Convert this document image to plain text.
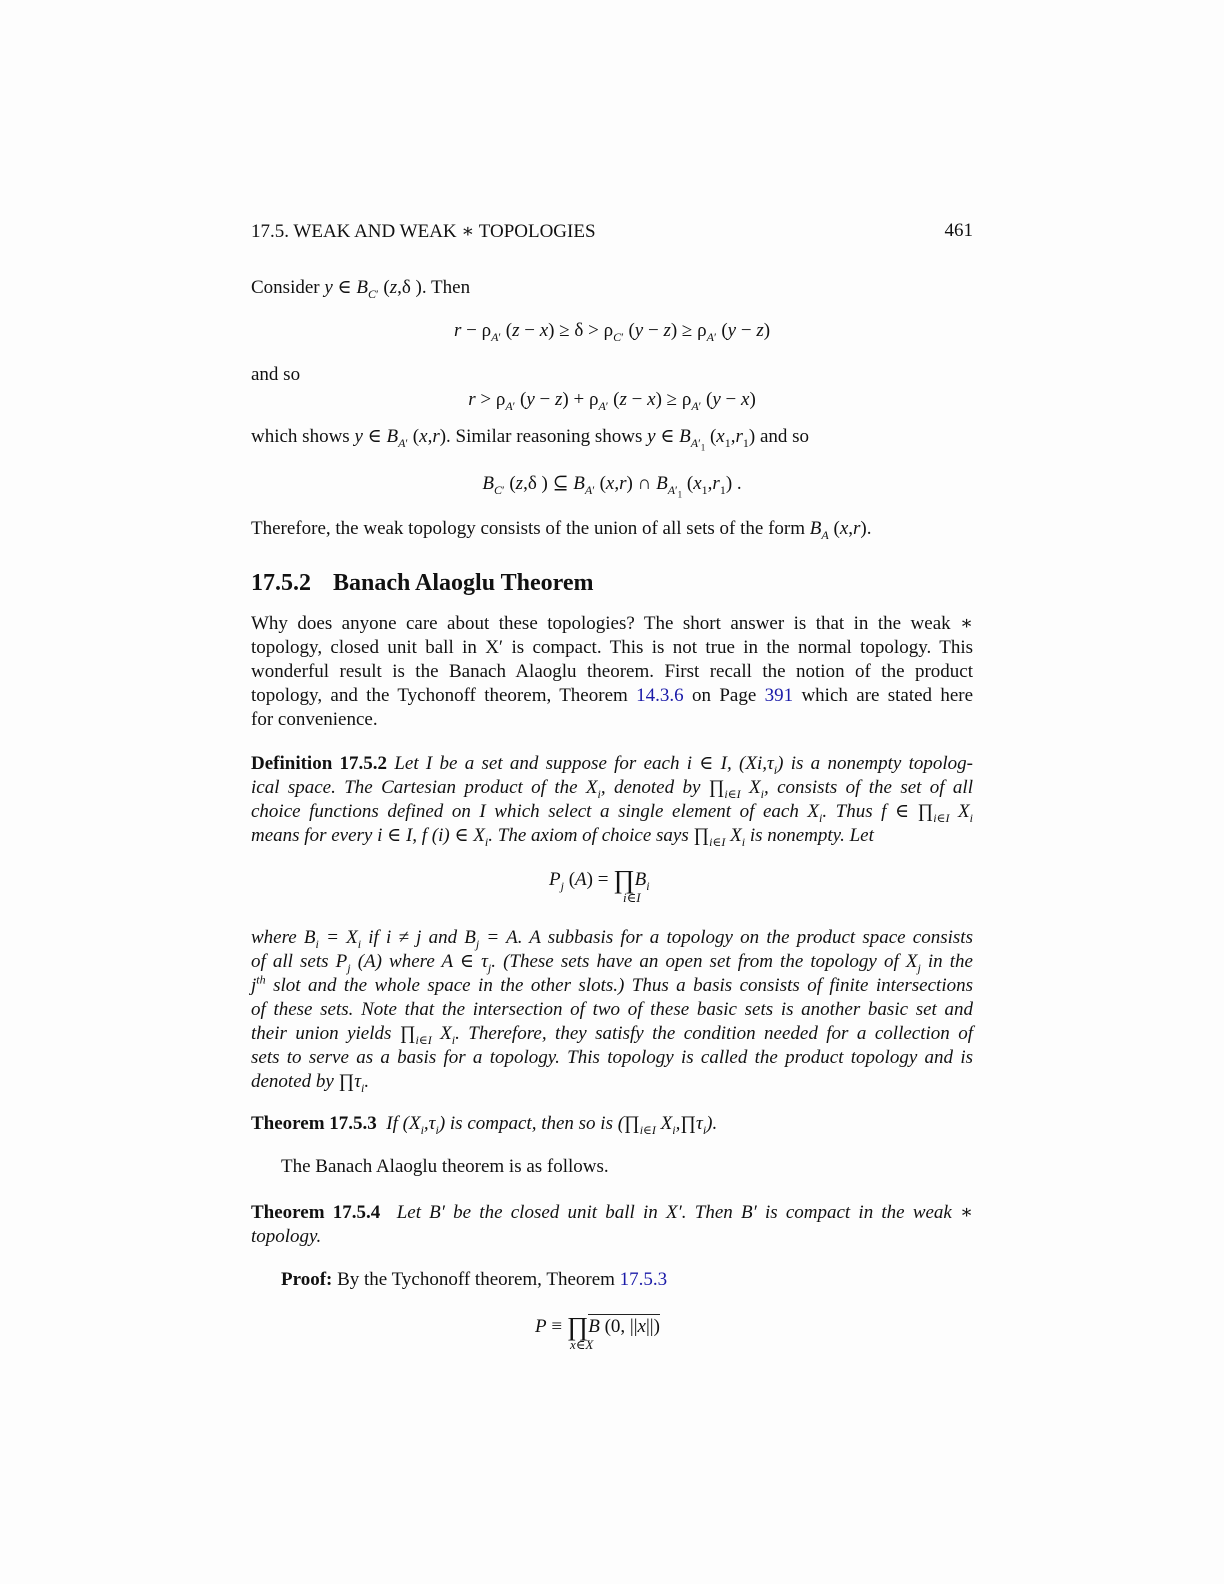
17.5. WEAK AND WEAK ∗ TOPOLOGIES	461
Consider y ∈ $B_{C'}$ (z,δ ). Then
$r - \rho_{A'}$ $(z - x) \ge \delta > \rho_{C'}$ $(y - z) \ge \rho_{A'}$ (y − z)
and so
$r > \rho_{A'}$ $(y - z) + \rho_{A'}$ $(z - x) \ge \rho_{A'}$ (y − x)
which shows y ∈ $B_{A'}$ (x,r). Similar reasoning shows y ∈ $B_{A'_1}$ $(x_1,r_1)$ and so
$B_{C'}$ (z,δ ) ⊆ $B_{A'}$ (x,r) ∩ $B_{A'_1}$ $(x_1,r_1)$ .
Therefore, the weak topology consists of the union of all sets of the form $B_A$ (x,r).
17.5.2 Banach Alaoglu Theorem
Why does anyone care about these topologies? The short answer is that in the weak ∗
topology, closed unit ball in X′ is compact. This is not true in the normal topology. This
wonderful result is the Banach Alaoglu theorem. First recall the notion of the product
topology, and the Tychonoff theorem, Theorem 14.3.6 on Page 391 which are stated here
for convenience.
Definition 17.5.2 Let I be a set and suppose for each i ∈ I, $(Xi,\tau_i)$ is a nonempty topolog-
ical space. The Cartesian product of the $X_i$, denoted by $\prod_{i\in I}$ $X_i$, consists of the set of all
choice functions defined on I which select a single element of each $X_i$. Thus f ∈ $\prod_{i\in I}$ $X_i$
means for every i ∈ I, f (i) ∈ $X_i$. The axiom of choice says $\prod_{i\in I}$ $X_i$ is nonempty. Let
$P_j$ $(A) = \prod B_i$
i∈I
where $B_i = X_i$ if i ≠ j and $B_j = A$. A subbasis for a topology on the product space consists
of all sets $P_j$ (A) where A ∈ $\tau_j$. (These sets have an open set from the topology of $X_j$ in the
$j^{th}$ slot and the whole space in the other slots.) Thus a basis consists of finite intersections
of these sets. Note that the intersection of two of these basic sets is another basic set and
their union yields $\prod_{i\in I}$ $X_i$. Therefore, they satisfy the condition needed for a collection of
sets to serve as a basis for a topology. This topology is called the product topology and is
denoted by $\prod\tau_i$.
Theorem 17.5.3 If $(X_i,\tau_i)$ is compact, then so is ($\prod_{i\in I}$ $X_i,\prod\tau_i$).
The Banach Alaoglu theorem is as follows.
Theorem 17.5.4 Let B′ be the closed unit ball in X′. Then B′ is compact in the weak ∗
topology.
Proof: By the Tychonoff theorem, Theorem 17.5.3
P ≡ ∏B (0, ||x||)
x∈X
